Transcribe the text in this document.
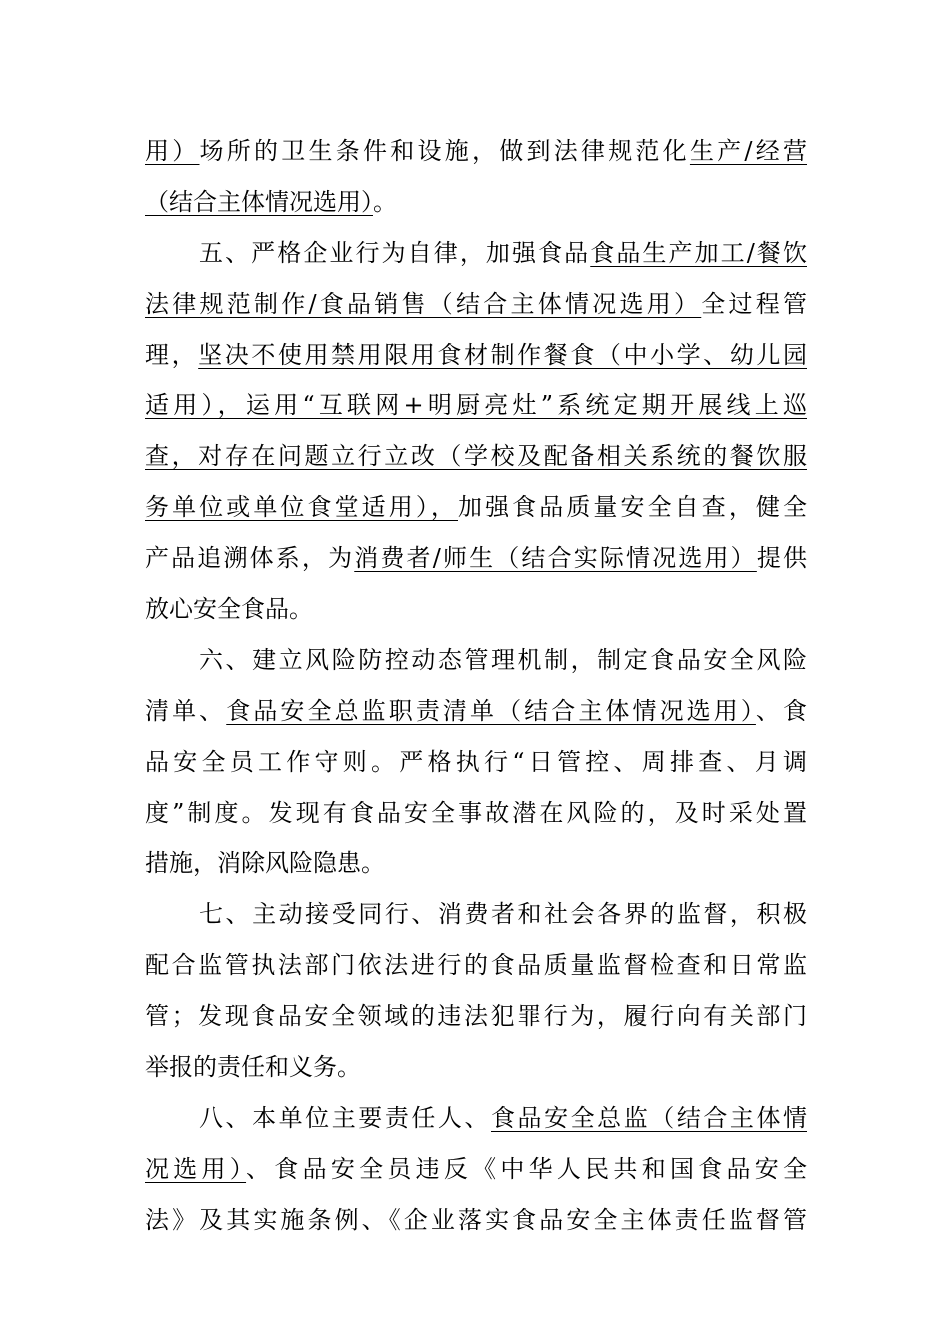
用）场所的卫生条件和设施，做到法律规范化生产/经营
（结合主体情况选用）。
五、严格企业行为自律，加强食品食品生产加工/餐饮
法律规范制作/食品销售（结合主体情况选用）全过程管
理，坚决不使用禁用限用食材制作餐食（中小学、幼儿园
适用），运用“互联网+明厨亮灶”系统定期开展线上巡
查，对存在问题立行立改（学校及配备相关系统的餐饮服
务单位或单位食堂适用），加强食品质量安全自查，健全
产品追溯体系，为消费者/师生（结合实际情况选用）提供
放心安全食品。
六、建立风险防控动态管理机制，制定食品安全风险
清单、食品安全总监职责清单（结合主体情况选用）、食
品安全员工作守则。严格执行“日管控、周排查、月调
度”制度。发现有食品安全事故潜在风险的，及时采处置
措施，消除风险隐患。
七、主动接受同行、消费者和社会各界的监督，积极
配合监管执法部门依法进行的食品质量监督检查和日常监
管；发现食品安全领域的违法犯罪行为，履行向有关部门
举报的责任和义务。
八、本单位主要责任人、食品安全总监（结合主体情
况选用）、食品安全员违反《中华人民共和国食品安全
法》及其实施条例、《企业落实食品安全主体责任监督管
